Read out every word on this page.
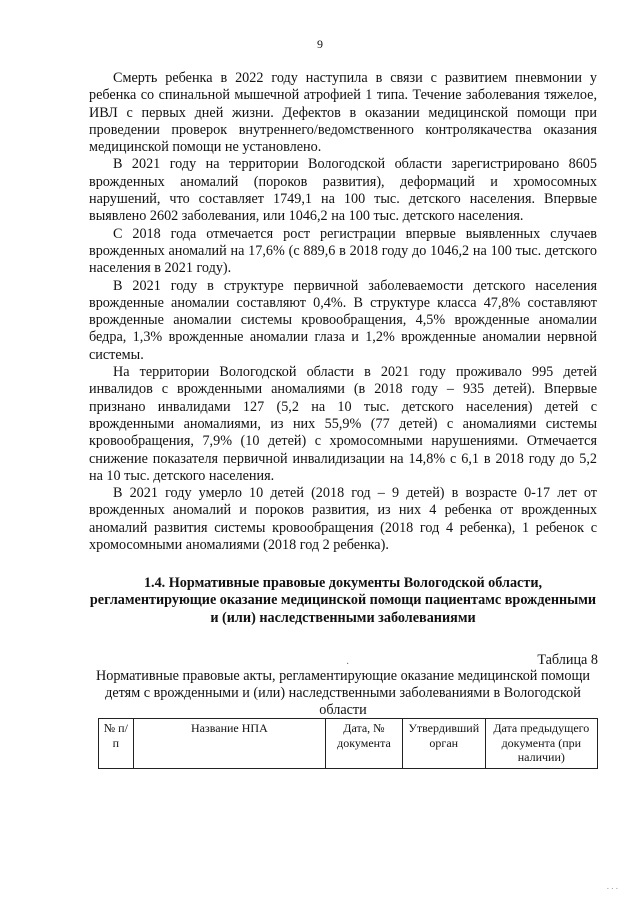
9

Смерть ребенка в 2022 году наступила в связи с развитием пневмонии у ребенка со спинальной мышечной атрофией 1 типа. Течение заболевания тяжелое, ИВЛ с первых дней жизни. Дефектов в оказании медицинской помощи при проведении проверок внутреннего/ведомственного контролякачества оказания медицинской помощи не установлено.

В 2021 году на территории Вологодской области зарегистрировано 8605 врожденных аномалий (пороков развития), деформаций и хромосомных нарушений, что составляет 1749,1 на 100 тыс. детского населения. Впервые выявлено 2602 заболевания, или 1046,2 на 100 тыс. детского населения.

С 2018 года отмечается рост регистрации впервые выявленных случаев врожденных аномалий на 17,6% (с 889,6 в 2018 году до 1046,2 на 100 тыс. детского населения в 2021 году).

В 2021 году в структуре первичной заболеваемости детского населения врожденные аномалии составляют 0,4%. В структуре класса 47,8% составляют врожденные аномалии системы кровообращения, 4,5% врожденные аномалии бедра, 1,3% врожденные аномалии глаза и 1,2% врожденные аномалии нервной системы.

На территории Вологодской области в 2021 году проживало 995 детей инвалидов с врожденными аномалиями (в 2018 году – 935 детей). Впервые признано инвалидами 127 (5,2 на 10 тыс. детского населения) детей с врожденными аномалиями, из них 55,9% (77 детей) с аномалиями системы кровообращения, 7,9% (10 детей) с хромосомными нарушениями. Отмечается снижение показателя первичной инвалидизации на 14,8% с 6,1 в 2018 году до 5,2 на 10 тыс. детского населения.

В 2021 году умерло 10 детей (2018 год – 9 детей) в возрасте 0-17 лет от врожденных аномалий и пороков развития, из них 4 ребенка от врожденных аномалий развития системы кровообращения (2018 год 4 ребенка), 1 ребенок с хромосомными аномалиями (2018 год 2 ребенка).

1.4. Нормативные правовые документы Вологодской области, регламентирующие оказание медицинской помощи пациентамс врожденными и (или) наследственными заболеваниями
·	Таблица 8
Нормативные правовые акты, регламентирующие оказание медицинской помощи детям с врожденными и (или) наследственными заболеваниями в Вологодской области
№ п/п	Название НПА	Дата, № документа	Утвердивший орган	Дата предыдущего документа (при наличии)
. . .
